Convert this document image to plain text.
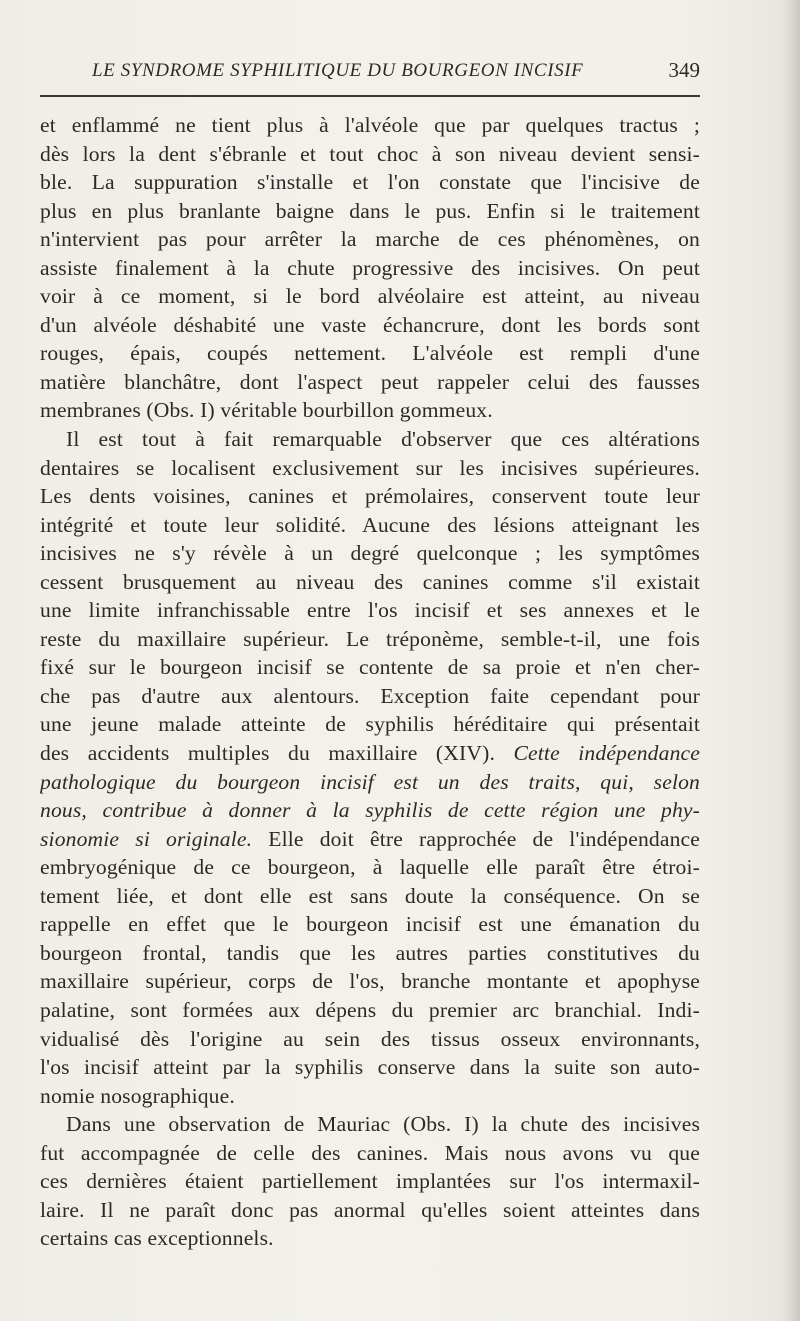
LE SYNDROME SYPHILITIQUE DU BOURGEON INCISIF	349
et enflammé ne tient plus à l'alvéole que par quelques tractus ;
dès lors la dent s'ébranle et tout choc à son niveau devient sensi-
ble. La suppuration s'installe et l'on constate que l'incisive de
plus en plus branlante baigne dans le pus. Enfin si le traitement
n'intervient pas pour arrêter la marche de ces phénomènes, on
assiste finalement à la chute progressive des incisives. On peut
voir à ce moment, si le bord alvéolaire est atteint, au niveau
d'un alvéole déshabité une vaste échancrure, dont les bords sont
rouges, épais, coupés nettement. L'alvéole est rempli d'une
matière blanchâtre, dont l'aspect peut rappeler celui des fausses
membranes (Obs. I) véritable bourbillon gommeux.
Il est tout à fait remarquable d'observer que ces altérations
dentaires se localisent exclusivement sur les incisives supérieures.
Les dents voisines, canines et prémolaires, conservent toute leur
intégrité et toute leur solidité. Aucune des lésions atteignant les
incisives ne s'y révèle à un degré quelconque ; les symptômes
cessent brusquement au niveau des canines comme s'il existait
une limite infranchissable entre l'os incisif et ses annexes et le
reste du maxillaire supérieur. Le tréponème, semble-t-il, une fois
fixé sur le bourgeon incisif se contente de sa proie et n'en cher-
che pas d'autre aux alentours. Exception faite cependant pour
une jeune malade atteinte de syphilis héréditaire qui présentait
des accidents multiples du maxillaire (XIV). Cette indépendance
pathologique du bourgeon incisif est un des traits, qui, selon
nous, contribue à donner à la syphilis de cette région une phy-
sionomie si originale. Elle doit être rapprochée de l'indépendance
embryogénique de ce bourgeon, à laquelle elle paraît être étroi-
tement liée, et dont elle est sans doute la conséquence. On se
rappelle en effet que le bourgeon incisif est une émanation du
bourgeon frontal, tandis que les autres parties constitutives du
maxillaire supérieur, corps de l'os, branche montante et apophyse
palatine, sont formées aux dépens du premier arc branchial. Indi-
vidualisé dès l'origine au sein des tissus osseux environnants,
l'os incisif atteint par la syphilis conserve dans la suite son auto-
nomie nosographique.
Dans une observation de Mauriac (Obs. I) la chute des incisives
fut accompagnée de celle des canines. Mais nous avons vu que
ces dernières étaient partiellement implantées sur l'os intermaxil-
laire. Il ne paraît donc pas anormal qu'elles soient atteintes dans
certains cas exceptionnels.
